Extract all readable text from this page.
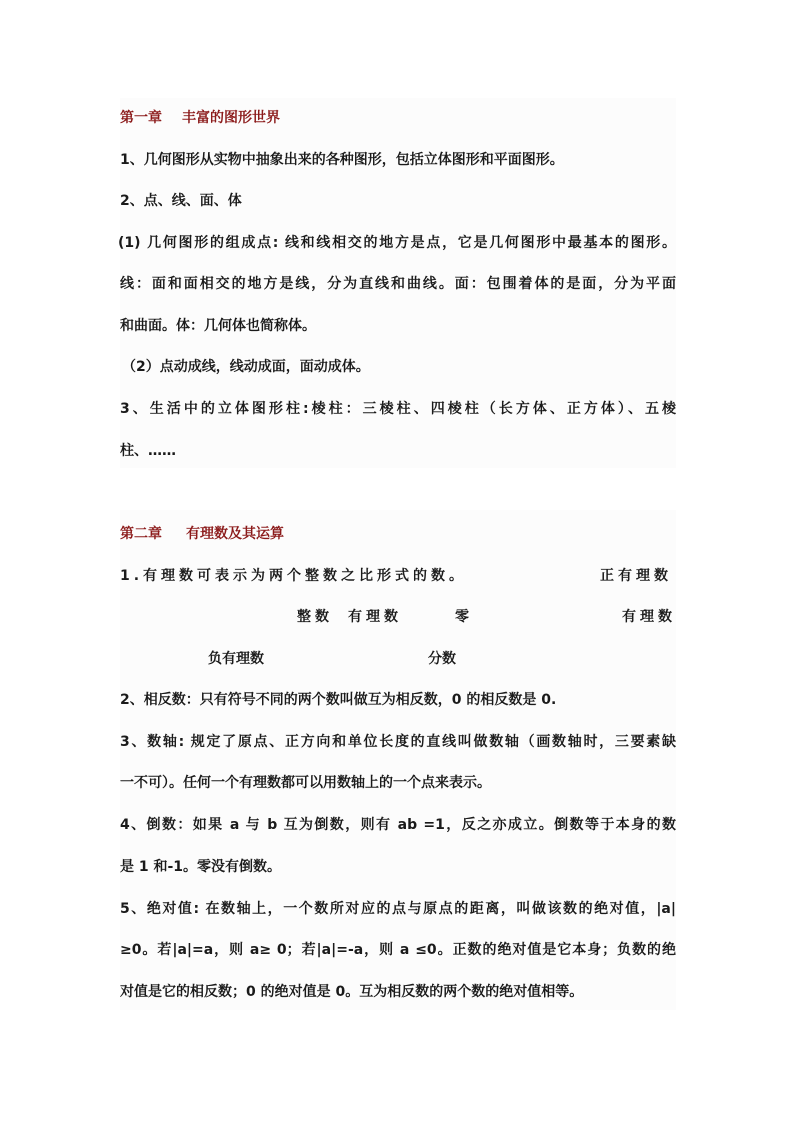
第一章 丰富的图形世界
1、几何图形从实物中抽象出来的各种图形，包括立体图形和平面图形。
2、点、线、面、体
(1) 几何图形的组成点: 线和线相交的地方是点，它是几何图形中最基本的图形。
线：面和面相交的地方是线，分为直线和曲线。面：包围着体的是面，分为平面
和曲面。体：几何体也简称体。
（2）点动成线，线动成面，面动成体。
3、生活中的立体图形柱:棱柱：三棱柱、四棱柱（长方体、正方体）、五棱
柱、……
第二章 有理数及其运算
1.有理数可表示为两个整数之比形式的数。	正有理数
整数 有理数	零	有理数
负有理数	分数
2、相反数：只有符号不同的两个数叫做互为相反数，0 的相反数是 0.
3、数轴: 规定了原点、正方向和单位长度的直线叫做数轴（画数轴时，三要素缺
一不可）。任何一个有理数都可以用数轴上的一个点来表示。
4、倒数：如果 a 与 b 互为倒数，则有 ab =1，反之亦成立。倒数等于本身的数
是 1 和-1。零没有倒数。
5、绝对值: 在数轴上，一个数所对应的点与原点的距离，叫做该数的绝对值，|a|
≥0。若|a|=a，则 a≥ 0；若|a|=-a，则 a ≤0。正数的绝对值是它本身；负数的绝
对值是它的相反数；0 的绝对值是 0。互为相反数的两个数的绝对值相等。
